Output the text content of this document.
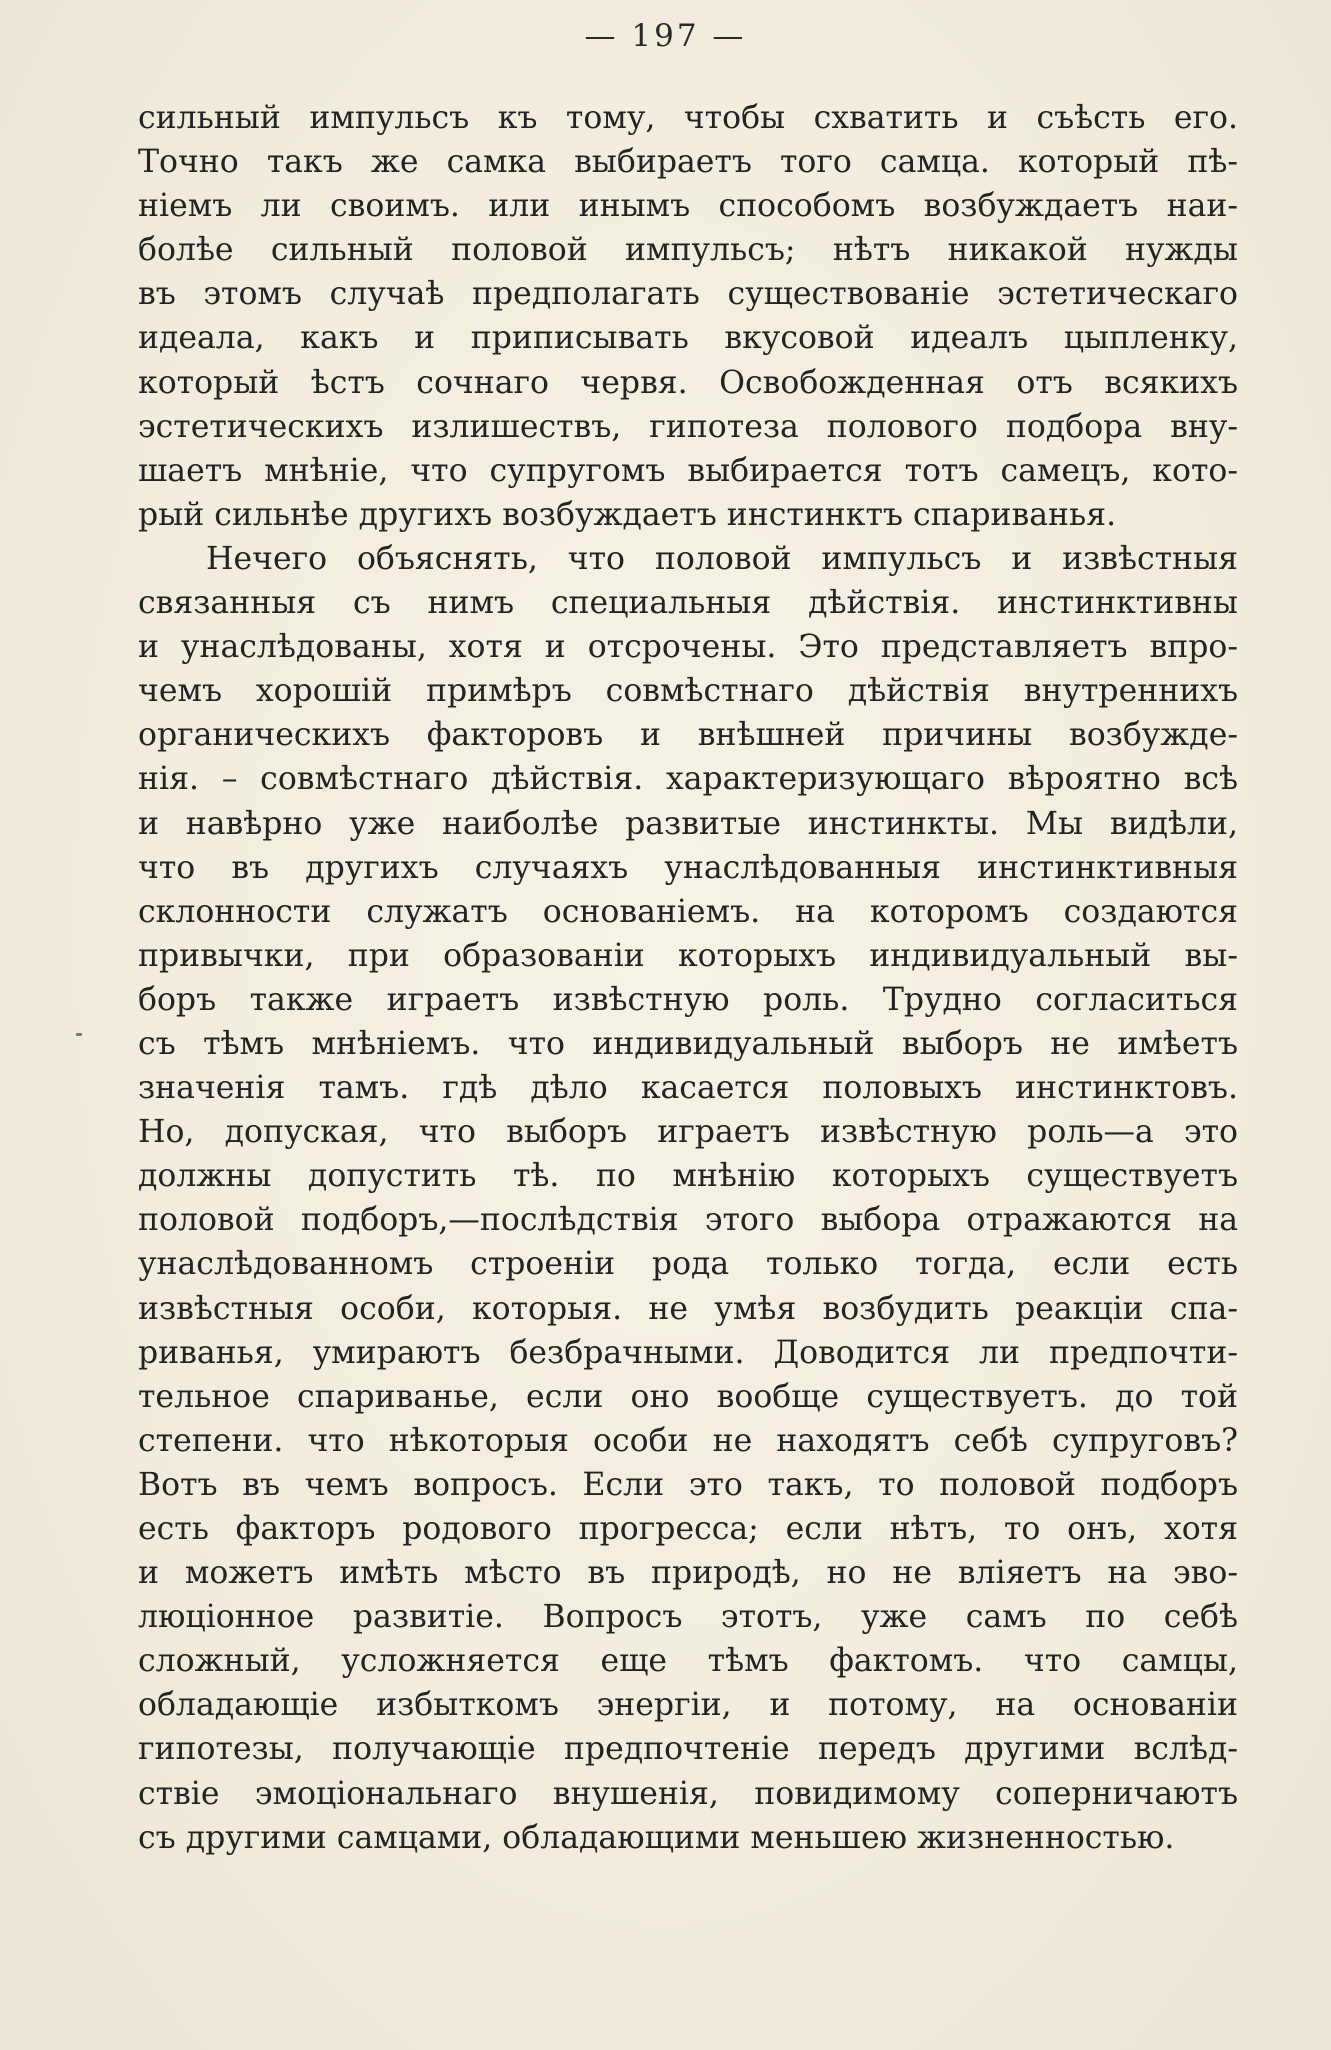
— 197 —
сильный импульсъ къ тому, чтобы схватить и съѣсть его.
Точно такъ же самка выбираетъ того самца. который пѣ-
ніемъ ли своимъ. или инымъ способомъ возбуждаетъ наи-
болѣе сильный половой импульсъ; нѣтъ никакой нужды
въ этомъ случаѣ предполагать существованіе эстетическаго
идеала, какъ и приписывать вкусовой идеалъ цыпленку,
который ѣстъ сочнаго червя. Освобожденная отъ всякихъ
эстетическихъ излишествъ, гипотеза полового подбора вну-
шаетъ мнѣніе, что супругомъ выбирается тотъ самецъ, кото-
рый сильнѣе другихъ возбуждаетъ инстинктъ спариванья.
Нечего объяснять, что половой импульсъ и извѣстныя
связанныя съ нимъ специальныя дѣйствія. инстинктивны
и унаслѣдованы, хотя и отсрочены. Это представляетъ впро-
чемъ хорошій примѣръ совмѣстнаго дѣйствія внутреннихъ
органическихъ факторовъ и внѣшней причины возбужде-
нія. – совмѣстнаго дѣйствія. характеризующаго вѣроятно всѣ
и навѣрно уже наиболѣе развитые инстинкты. Мы видѣли,
что въ другихъ случаяхъ унаслѣдованныя инстинктивныя
склонности служатъ основаніемъ. на которомъ создаются
привычки, при образованіи которыхъ индивидуальный вы-
боръ также играетъ извѣстную роль. Трудно согласиться
съ тѣмъ мнѣніемъ. что индивидуальный выборъ не имѣетъ
значенія тамъ. гдѣ дѣло касается половыхъ инстинктовъ.
Но, допуская, что выборъ играетъ извѣстную роль—а это
должны допустить тѣ. по мнѣнію которыхъ существуетъ
половой подборъ,—послѣдствія этого выбора отражаются на
унаслѣдованномъ строеніи рода только тогда, если есть
извѣстныя особи, которыя. не умѣя возбудить реакціи спа-
риванья, умираютъ безбрачными. Доводится ли предпочти-
тельное спариванье, если оно вообще существуетъ. до той
степени. что нѣкоторыя особи не находятъ себѣ супруговъ?
Вотъ въ чемъ вопросъ. Если это такъ, то половой подборъ
есть факторъ родового прогресса; если нѣтъ, то онъ, хотя
и можетъ имѣть мѣсто въ природѣ, но не вліяетъ на эво-
люціонное развитіе. Вопросъ этотъ, уже самъ по себѣ
сложный, усложняется еще тѣмъ фактомъ. что самцы,
обладающіе избыткомъ энергіи, и потому, на основаніи
гипотезы, получающіе предпочтеніе передъ другими вслѣд-
ствіе эмоціональнаго внушенія, повидимому соперничаютъ
съ другими самцами, обладающими меньшею жизненностью.
